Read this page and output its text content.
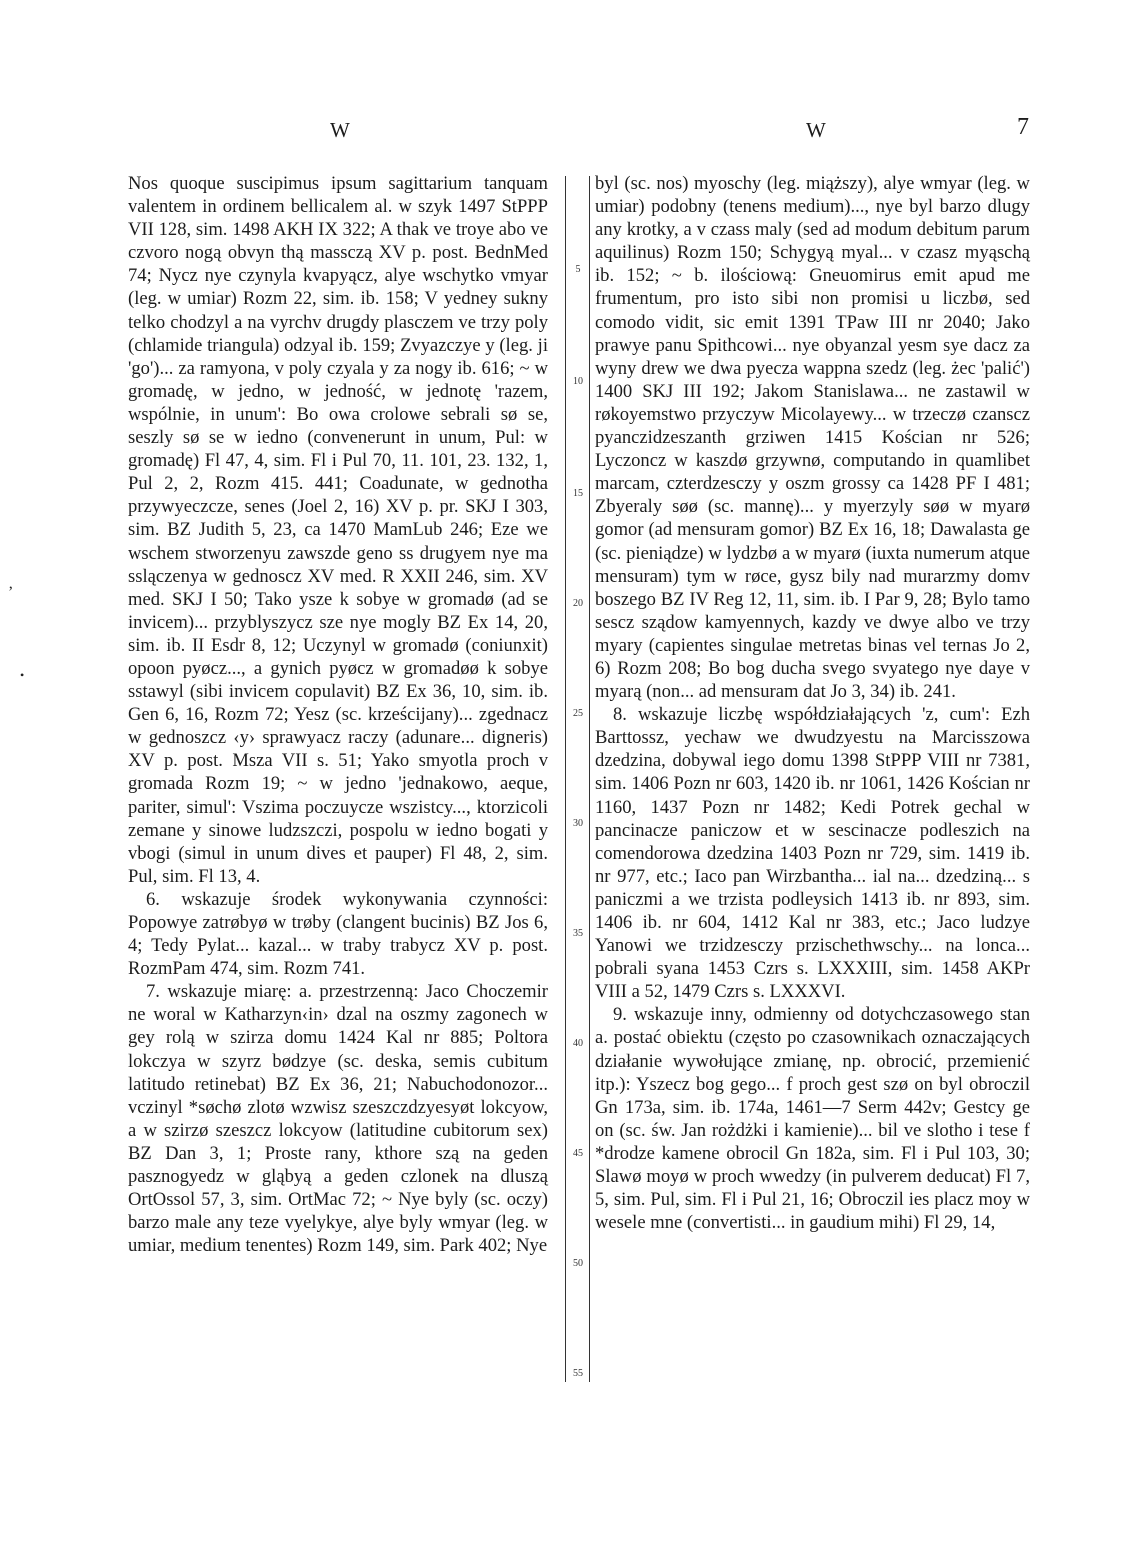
W	W	7

Nos quoque suscipimus ipsum sagittarium tanquam valentem in ordinem bellicalem al. w szyk 1497 StPPP VII 128, sim. 1498 AKH IX 322; A thak ve troye abo ve czvoro nogą obvyn thą massczą XV p. post. BednMed 74; Nycz nye czynyla kvapyącz, alye wschytko vmyar (leg. w umiar) Rozm 22, sim. ib. 158; V yedney sukny telko chodzyl a na vyrchv drugdy plasczem ve trzy poly (chlamide triangula) odzyal ib. 159; Zvyazczye y (leg. ji 'go')... za ramyona, v poly czyala y za nogy ib. 616; ~ w gromadę, w jedno, w jedność, w jednotę 'razem, wspólnie, in unum': Bo owa crolowe sebrali sø se, seszly sø se w iedno (convenerunt in unum, Pul: w gromadę) Fl 47, 4, sim. Fl i Pul 70, 11. 101, 23. 132, 1, Pul 2, 2, Rozm 415. 441; Coadunate, w gednotha przywyeczcze, senes (Joel 2, 16) XV p. pr. SKJ I 303, sim. BZ Judith 5, 23, ca 1470 MamLub 246; Eze we wschem stworzenyu zawszde geno ss drugyem nye ma sslączenya w gednoscz XV med. R XXII 246, sim. XV med. SKJ I 50; Tako ysze k sobye w gromadø (ad se invicem)... przyblyszycz sze nye mogly BZ Ex 14, 20, sim. ib. II Esdr 8, 12; Uczynyl w gromadø (coniunxit) opoon pyøcz..., a gynich pyøcz w gromadøø k sobye sstawyl (sibi invicem copulavit) BZ Ex 36, 10, sim. ib. Gen 6, 16, Rozm 72; Yesz (sc. krześcijany)... zgednacz w gednoszcz ‹y› sprawyacz raczy (adunare... digneris) XV p. post. Msza VII s. 51; Yako smyotla proch v gromada Rozm 19; ~ w jedno 'jednakowo, aeque, pariter, simul': Vszima poczuycze wszistcy..., ktorzicoli zemane y sinowe ludzszczi, pospolu w iedno bogati y vbogi (simul in unum dives et pauper) Fl 48, 2, sim. Pul, sim. Fl 13, 4.

6. wskazuje środek wykonywania czynności: Popowye zatrøbyø w trøby (clangent bucinis) BZ Jos 6, 4; Tedy Pylat... kazal... w traby trabycz XV p. post. RozmPam 474, sim. Rozm 741.

7. wskazuje miarę: a. przestrzenną: Jaco Choczemir ne woral w Katharzyn‹in› dzal na oszmy zagonech w gey rolą w szirza domu 1424 Kal nr 885; Poltora lokczya w szyrz bødzye (sc. deska, semis cubitum latitudo retinebat) BZ Ex 36, 21; Nabuchodonozor... vczinyl *søchø zlotø wzwisz szeszczdzyesyøt lokcyow, a w szirzø szeszcz lokcyow (latitudine cubitorum sex) BZ Dan 3, 1; Proste rany, kthore szą na geden pasznogyedz w gląbyą a geden czlonek na dluszą OrtOssol 57, 3, sim. OrtMac 72; ~ Nye byly (sc. oczy) barzo male any teze vyelykye, alye byly wmyar (leg. w umiar, medium tenentes) Rozm 149, sim. Park 402; Nye

5
10
15
20
25
30
35
40
45
50
55

byl (sc. nos) myoschy (leg. miąższy), alye wmyar (leg. w umiar) podobny (tenens medium)..., nye byl barzo dlugy any krotky, a v czass maly (sed ad modum debitum parum aquilinus) Rozm 150; Schygyą myal... v czasz myąschą ib. 152; ~ b. ilościową: Gneuomirus emit apud me frumentum, pro isto sibi non promisi u liczbø, sed comodo vidit, sic emit 1391 TPaw III nr 2040; Jako prawye panu Spithcowi... nye obyanzal yesm sye dacz za wyny drew we dwa pyecza wappna szedz (leg. żec 'palić') 1400 SKJ III 192; Jakom Stanislawa... ne zastawil w røkoyemstwo przyczyw Micolayewy... w trzeczø czanscz pyanczidzeszanth grziwen 1415 Kościan nr 526; Lyczoncz w kaszdø grzywnø, computando in quamlibet marcam, czterdzesczy y oszm grossy ca 1428 PF I 481; Zbyeraly søø (sc. mannę)... y myerzyly søø w myarø gomor (ad mensuram gomor) BZ Ex 16, 18; Dawalasta ge (sc. pieniądze) w lydzbø a w myarø (iuxta numerum atque mensuram) tym w røce, gysz bily nad murarzmy domv boszego BZ IV Reg 12, 11, sim. ib. I Par 9, 28; Bylo tamo sescz sządow kamyennych, kazdy ve dwye albo ve trzy myary (capientes singulae metretas binas vel ternas Jo 2, 6) Rozm 208; Bo bog ducha svego svyatego nye daye v myarą (non... ad mensuram dat Jo 3, 34) ib. 241.

8. wskazuje liczbę współdziałających 'z, cum': Ezh Barttossz, yechaw we dwudzyestu na Marcisszowa dzedzina, dobywal iego domu 1398 StPPP VIII nr 7381, sim. 1406 Pozn nr 603, 1420 ib. nr 1061, 1426 Kościan nr 1160, 1437 Pozn nr 1482; Kedi Potrek gechal w pancinacze paniczow et w sescinacze podleszich na comendorowa dzedzina 1403 Pozn nr 729, sim. 1419 ib. nr 977, etc.; Iaco pan Wirzbantha... ial na... dzedziną... s paniczmi a we trzista podleysich 1413 ib. nr 893, sim. 1406 ib. nr 604, 1412 Kal nr 383, etc.; Jaco ludzye Yanowi we trzidzesczy przischethwschy... na lonca... pobrali syana 1453 Czrs s. LXXXIII, sim. 1458 AKPr VIII a 52, 1479 Czrs s. LXXXVI.

9. wskazuje inny, odmienny od dotychczasowego stan a. postać obiektu (często po czasownikach oznaczających działanie wywołujące zmianę, np. obrocić, przemienić itp.): Yszecz bog gego... f proch gest szø on byl obroczil Gn 173a, sim. ib. 174a, 1461—7 Serm 442v; Gestcy ge on (sc. św. Jan rożdżki i kamienie)... bil ve slotho i tese f *drodze kamene obrocil Gn 182a, sim. Fl i Pul 103, 30; Slawø moyø w proch wwedzy (in pulverem deducat) Fl 7, 5, sim. Pul, sim. Fl i Pul 21, 16; Obroczil ies placz moy w wesele mne (convertisti... in gaudium mihi) Fl 29, 14,

ʼ
•
